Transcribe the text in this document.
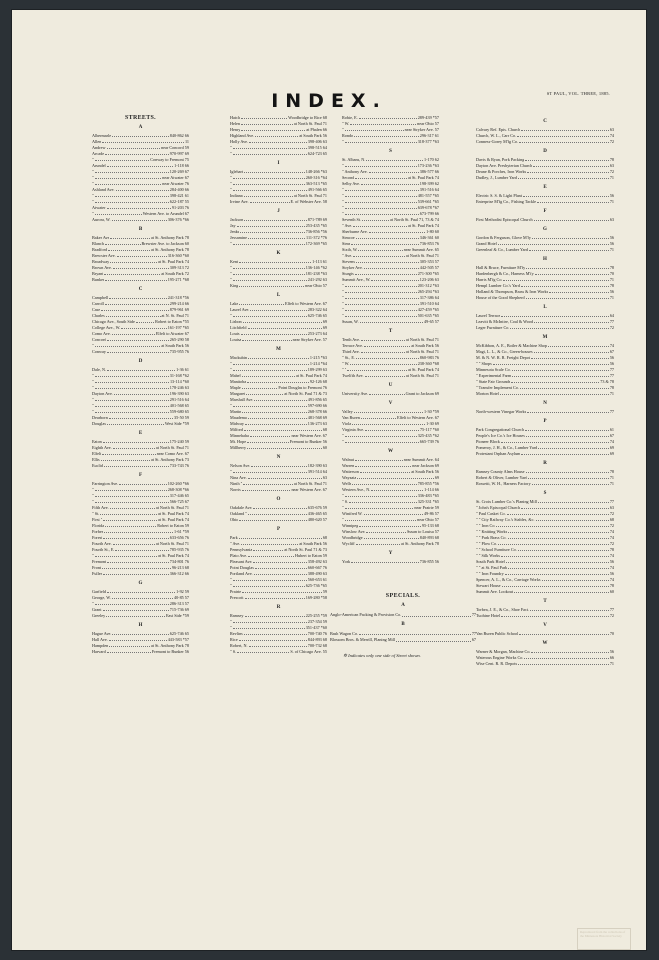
INDEX.	ST PAUL, VOL. THREE, 1885.
STREETS.
A
Albermarle	840-862 66
Allen	11
Andrew	near Concord 59
Arcade	970-997 69
"	Conway to Fremont 75
Arundel	1-118 66
"	120-269 67
"	near Atwater 67
"	near Atwater 76
Ashland Ave.	284-400 66
"	398-421 61
"	622-187 55
Atwater	91-203 76
"	Western Ave. to Arundel 67
Aurora, W.	306-376 *66
B
Baker Ave	at St. Anthony Park 78
Blanch	Brewster Ave. to Jackson 60
Bradford	at St. Anthony Park 78
Brewster Ave.	316-360 *60
Broadway	at St. Paul Park 74
Brown Ave.	309-313 72
Bryant	at South Park 72
Bunker	195-271 *68
C
Campbell	241-318 *56
Carroll	299-214 66
Case	879-961 69
Charles	at N. St. Paul 71
Chicago Ave., South Side	Robert to Eaton *55
College Ave., W.	161-197 *65
Como Ave.	Elfelt to Atwater 67
Concord	265-290 58
"	at South Park 56
Conway	735-955 76
D
Dale, N.	1-36 61
"	31-168 *62
"	13-114 *60
"	178-246 63
Dayton Ave.	196-390 63
"	291-516 64
"	401-568 65
"	559-680 65
Dearborn	35-50 59
Douglas	West Side *59
E
Eaton	175-240 59
Eighth Ave.	at North St. Paul 71
Elfelt	near Como Ave. 67
Ellis	at St. Anthony Park 73
Euclid	733-743 76
F
Farrington Ave.	102-260 *66
"	268-308 *66
"	317-446 65
"	566-725 67
Fifth Ave.	at North St. Paul 71
" St.	at St. Paul Park 74
First "	at St. Paul Park 74
Florida	Robert to Eaton 59
Forbes	1-61 *59
Forest	633-656 76
Fourth Ave.	at North St. Paul 71
Fourth St., E.	785-935 76
"	at St. Paul Park 74
Fremont	734-801 76
Front	96-213 68
Fuller	366-312 66
G
Garfield	1-92 59
George, W.	40-85 57
"	286-313 57
Grant	715-736 69
Greeley	East Side *59
H
Hague Ave.	625-746 65
Hall Ave.	443-583 *57
Hampden	at St. Anthony Park 78
Harvard	Fremont to Bunker 56
Hatch	Woodbridge to Rice 68
Helen	at North St. Paul 71
Henry	at Phalen 66
Highland Ave.	at South Park 56
Holly Ave.	398-406 63
"	398-515 64
"	624-723 65
I
Iglehart	148-266 *63
"	260-316 *64
"	363-513 *65
"	491-566 65
Indiana	at North St. Paul 71
Irvine Ave.	E. of Webster Ave. 58
J
Jackson	871-789 69
Jay	253-435 *65
Jenks	736-856 *56
Jessamine	111-372 *76
"	172-369 *65
K
Kent	1-113 61
"	136-146 *62
"	181-238 *63
"	241-292 63
King	near Ohio 57
L
Lake	Elfelt to Western Ave. 67
Laurel Ave.	283-322 64
"	625-746 65
Lisbon	69
Litchfield	69
Louis	253-273 64
Louisa	near Stryker Ave. 57
M
Mackubin	1-215 *63
"	1-214 *64
"	189-299 63
Mabel	at St. Paul Park 74
Manitoba	92-126 68
Maple	Point Douglas to Fremont 76
Margaret	at North St. Paul 71 & 73
Marshall Ave.	491-856 65
"	597-690 66
Martin	268-378 66
Maudema	481-568 69
Midway	136-273 63
Milford	68
Minnehaha	near Western Ave. 67
Mt. Hope	Fremont to Bunker 56
Millberry	60
N
Nelson Ave.	182-390 63
"	391-514 64
Nina Ave.	63
Ninth "	at North St. Paul 71
Norris	near Western Ave. 67
O
Oakdale Ave.	635-676 59
Oakland "	436-465 65
Ohio	480-620 57
P
Park	68
" Ave.	at South Park 56
Pennsylvania	at North St. Paul 71 & 73
Plato Ave.	Hubert to Eaton 59
Pleasant Ave.	358-492 63
Point Douglas	660-667 76
Portland Ave.	388-490 63
"	560-653 61
"	625-736 *65
Prairie	59
Prescott	169-280 *58
R
Ramsey	225-255 *59
"	237-354 59
"	351-437 *60
Revlins	700-740 76
Rice	844-893 68
Robert, N.	700-732 68
" S.	S. of Chicago Ave. 55
Robie, E.	289-439 *57
" W.	near Ohio 57
"	near Stryker Ave. 57
Rondo	296-317 61
"	318-377 *63
S
St. Albans, N.	1-170 62
"	173-236 *63
" Anthony Ave.	386-577 66
Second	at St. Paul Park 74
Selby Ave.	198-399 62
"	391-516 64
"	481-557 *65
"	539-661 *65
"	639-678 *67
"	673-799 66
Seventh St.	at North St. Paul 71, 73 & 74
" Ave.	at St. Paul Park 74
Sherburne Ave.	1-80 60
Simcoe	346-361 60
Sims	736-853 76
Sixth, W.	near Summit Ave. 65
" Ave.	at North St. Paul 71
Stevens	305-353 57
Stryker Ave.	442-505 57
Sturgis	271-300 *65
Summit Ave., W.	123-206 63
"	201-312 *63
"	265-294 *63
"	317-386 64
"	391-510 64
"	427-459 *65
"	501-635 *65
Susan, W.	49-65 57
T
Tenth Ave.	at North St. Paul 71
Terrace Ave.	at South Park 56
Third Ave.	at North St. Paul 71
" St., E.	860-983 76
" W.	238-360 *68
" "	at St. Paul Park 74
Twelfth Ave.	at North St. Paul 71
U
University Ave.	Grant to Jackson 69
V
Valley	1-30 *59
Van Buren	Elfelt to Western Ave. 67
Viola	1-30 69
Virginia Ave.	75-117 *60
"	325-435 *62
"	665-739 76
W
Walnut	near Summit Ave. 64
Warren	near Jackson 69
Watterson	at South Park 56
Wayzata	69
Wells	785-855 *56
Western Ave., N.	1-114 66
"	336-483 *65
" S.	325-331 *65
"	near Prairie 59
Winifred W.	49-86 57
"	near Ohio 57
Winnipeg	95-133 68
Winslow Ave.	Susan to Louisa 57
Woodbridge	840-893 68
Wycliff	at St. Anthony Park 78
Y
York	736-855 56
C
Calvary Ref. Epis. Church	63
Church, W. L., Carr Co.	74
Conness-Gorey M'fg Co.	72
D
Davis & Ryan, Pork Packing	78
Dayton Ave. Presbyterian Church	63
Deane & Porches, Iron Works	72
Dudley, J., Lumber Yard	71
E
Electric S. S. & Light Plant	56
Enterprise M'fg Co., Fishing Tackle	71
F
First Methodist Episcopal Church	63
G
Gordon & Ferguson, Glove M'fy	56
Grand Hotel	56
Greenleaf & Co., Lumber Yard	71
H
Hall & Bruce, Furniture M'fy	78
Hardenbergh & Co., Harness M'fy	70
Harris M'fg Co.	71
Hempl Lumber Co.'s Yard	78
Holland & Thompson, Brass & Iron Works	56
House of the Good Shepherd	71
L
Laurel Terrace	64
Leavitt & McIntire, Coal & Wood	77
Leger Furniture Co.	72
M
McKibbon, A. E., Boiler & Machine Shop	74
Magi, L. L., & Co., Green-houses	67
M. & N. W. R. R. Freight Depot	56
" " Shops	56
Minnesota Scale Co.	77
" Experimental Farm	77
" State Fair Grounds	73 & 78
" Transfer Implement Co.	78
Morton Hotel	71
N
North-western Vinegar Works	77
P
Park Congregational Church	61
People's Ice Co.'s Ice Houses	67
Pioneer Block	74
Pomeroy, J. H., & Co., Lumber Yard	69
Protestant Orphan Asylum	69
R
Ramsey County Alms House	78
Robert & Oliver, Lumber Yard	71
Rossetti, W. H., Harness Factory	71
S
St. Croix Lumber Co.'s Planing Mill	77
" John's Episcopal Church	63
" Paul Casket Co.	72
" " City Railway Co.'s Stables, &c.	68
" " Iron Co.	72
" " Knitting Works	74
" " Park Brass Co.	74
" " Plow Co.	72
" " School Furniture Co.	78
" " Silk Works	74
South Park Hotel	56
" " at St. Paul Park	74
" " Iron Foundry	56
Spencer, A. L., & Co., Carriage Works	74
Stewart House	78
Summit Ave. Lookout	60
T
Torbea, J. E., & Co., Shoe Fact.	77
Tuohine Hotel	72
V
Van Buren Public School	70
W
Warner & Morgan, Machine Co.	56
Waterous Engine Works Co.	66
Wise Cent. R. R. Depots	71
SPECIALS.
A
Anglo-American Packing & Provision Co.	77
B
Bash Wagon Co.	77
Blossom Bros. & Merrill, Planing Mill	67
✲ Indicates only one side of Street shown.
Reproduced from the collections of the Minnesota Historical Society
